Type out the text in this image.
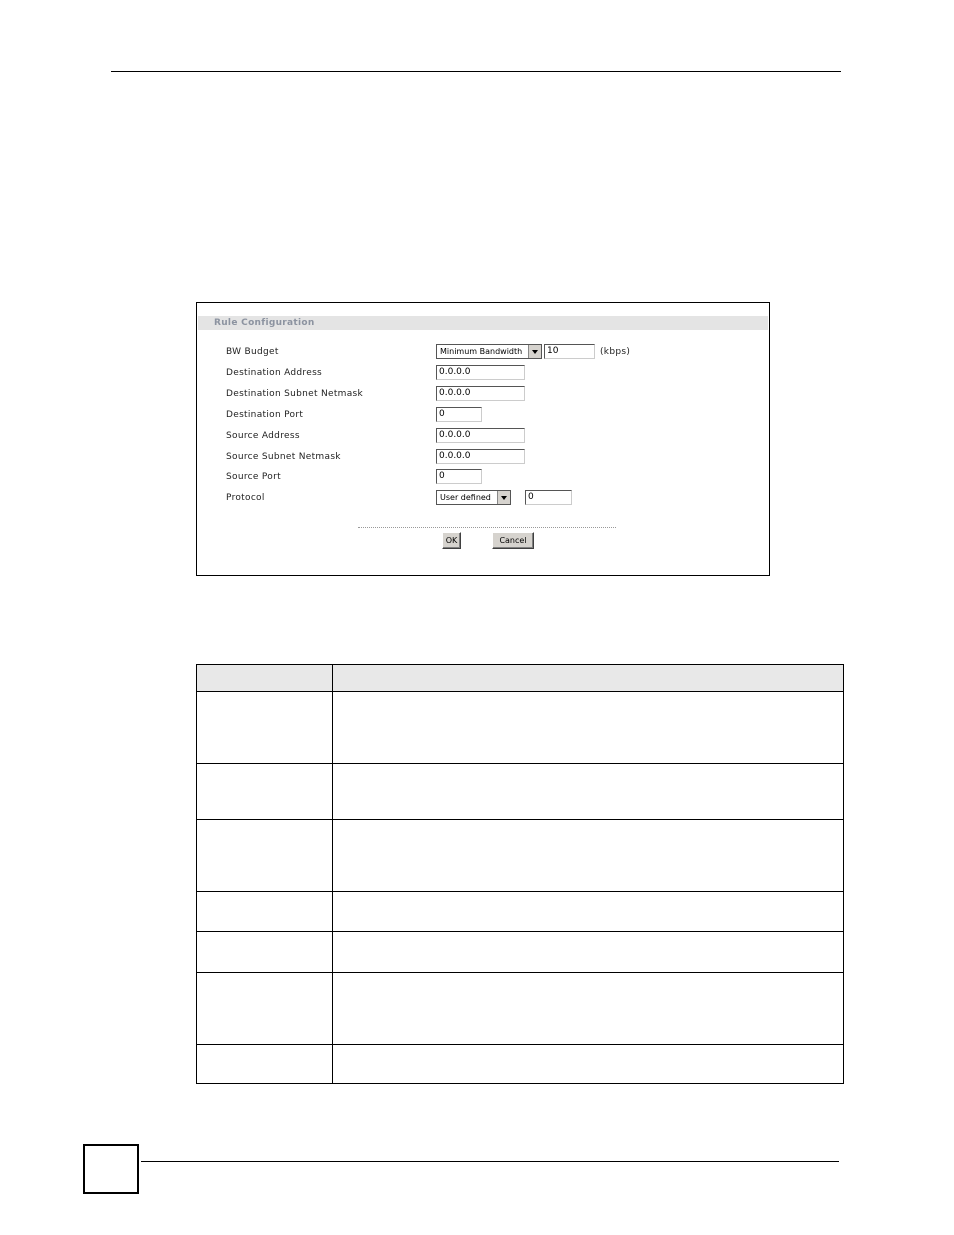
Rule Configuration
BW Budget	Minimum Bandwidth	10	(kbps)
Destination Address	0.0.0.0
Destination Subnet Netmask	0.0.0.0
Destination Port	0
Source Address	0.0.0.0
Source Subnet Netmask	0.0.0.0
Source Port	0
Protocol	User defined	0
OK	Cancel
